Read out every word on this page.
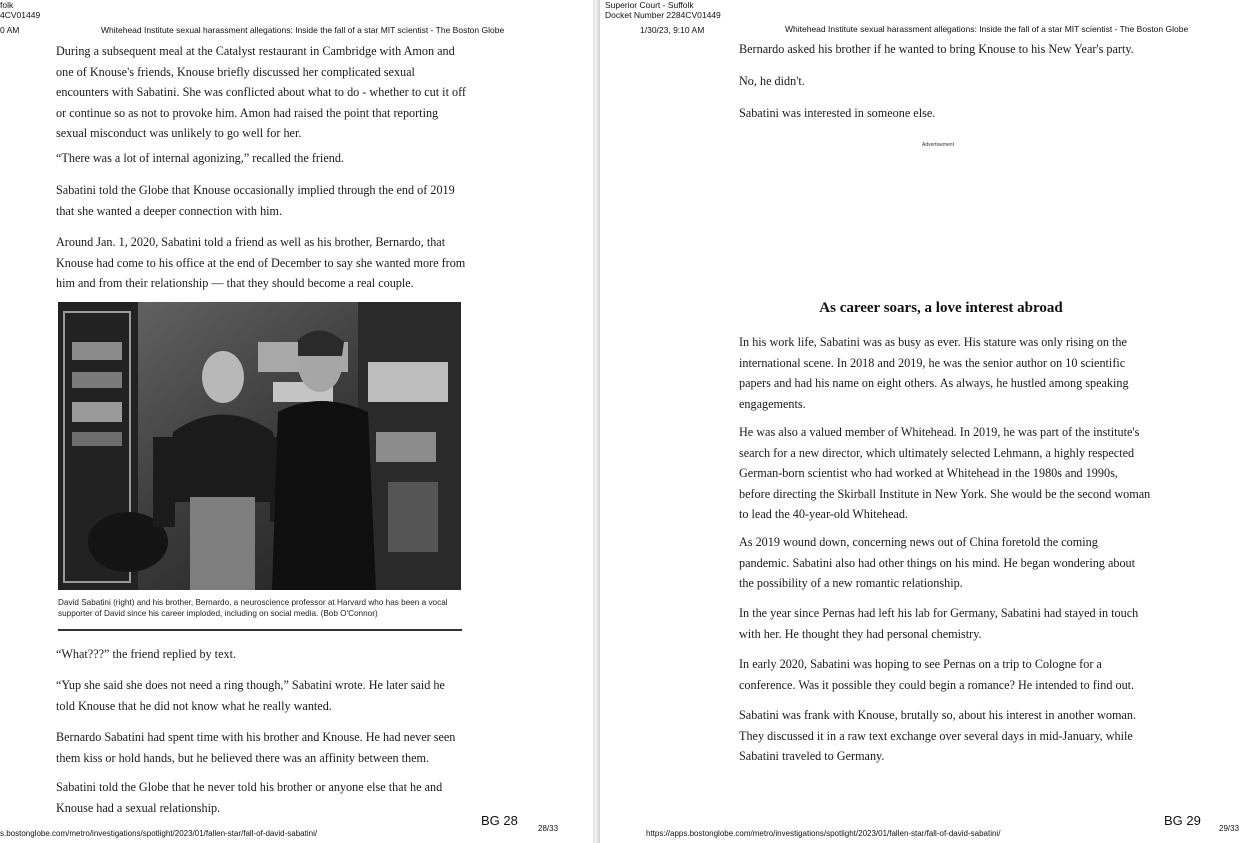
folk
4CV01449
0 AM	Whitehead Institute sexual harassment allegations: Inside the fall of a star MIT scientist - The Boston Globe

During a subsequent meal at the Catalyst restaurant in Cambridge with Amon and one of Knouse's friends, Knouse briefly discussed her complicated sexual encounters with Sabatini. She was conflicted about what to do - whether to cut it off or continue so as not to provoke him. Amon had raised the point that reporting sexual misconduct was unlikely to go well for her.

“There was a lot of internal agonizing,” recalled the friend.

Sabatini told the Globe that Knouse occasionally implied through the end of 2019 that she wanted a deeper connection with him.

Around Jan. 1, 2020, Sabatini told a friend as well as his brother, Bernardo, that Knouse had come to his office at the end of December to say she wanted more from him and from their relationship — that they should become a real couple.

David Sabatini (right) and his brother, Bernardo, a neuroscience professor at Harvard who has been a vocal supporter of David since his career imploded, including on social media. (Bob O'Connor)

“What???” the friend replied by text.

“Yup she said she does not need a ring though,” Sabatini wrote. He later said he told Knouse that he did not know what he really wanted.

Bernardo Sabatini had spent time with his brother and Knouse. He had never seen them kiss or hold hands, but he believed there was an affinity between them.

Sabatini told the Globe that he never told his brother or anyone else that he and Knouse had a sexual relationship.

s.bostonglobe.com/metro/investigations/spotlight/2023/01/fallen-star/fall-of-david-sabatini/
BG 28
28/33
Superior Court - Suffolk
Docket Number 2284CV01449
1/30/23, 9:10 AM	Whitehead Institute sexual harassment allegations: Inside the fall of a star MIT scientist - The Boston Globe

Bernardo asked his brother if he wanted to bring Knouse to his New Year's party.

No, he didn't.

Sabatini was interested in someone else.

Advertisement
As career soars, a love interest abroad

In his work life, Sabatini was as busy as ever. His stature was only rising on the international scene. In 2018 and 2019, he was the senior author on 10 scientific papers and had his name on eight others. As always, he hustled among speaking engagements.

He was also a valued member of Whitehead. In 2019, he was part of the institute's search for a new director, which ultimately selected Lehmann, a highly respected German-born scientist who had worked at Whitehead in the 1980s and 1990s, before directing the Skirball Institute in New York. She would be the second woman to lead the 40-year-old Whitehead.

As 2019 wound down, concerning news out of China foretold the coming pandemic. Sabatini also had other things on his mind. He began wondering about the possibility of a new romantic relationship.

In the year since Pernas had left his lab for Germany, Sabatini had stayed in touch with her. He thought they had personal chemistry.

In early 2020, Sabatini was hoping to see Pernas on a trip to Cologne for a conference. Was it possible they could begin a romance? He intended to find out.

Sabatini was frank with Knouse, brutally so, about his interest in another woman. They discussed it in a raw text exchange over several days in mid-January, while Sabatini traveled to Germany.

https://apps.bostonglobe.com/metro/investigations/spotlight/2023/01/fallen-star/fall-of-david-sabatini/
BG 29
29/33
